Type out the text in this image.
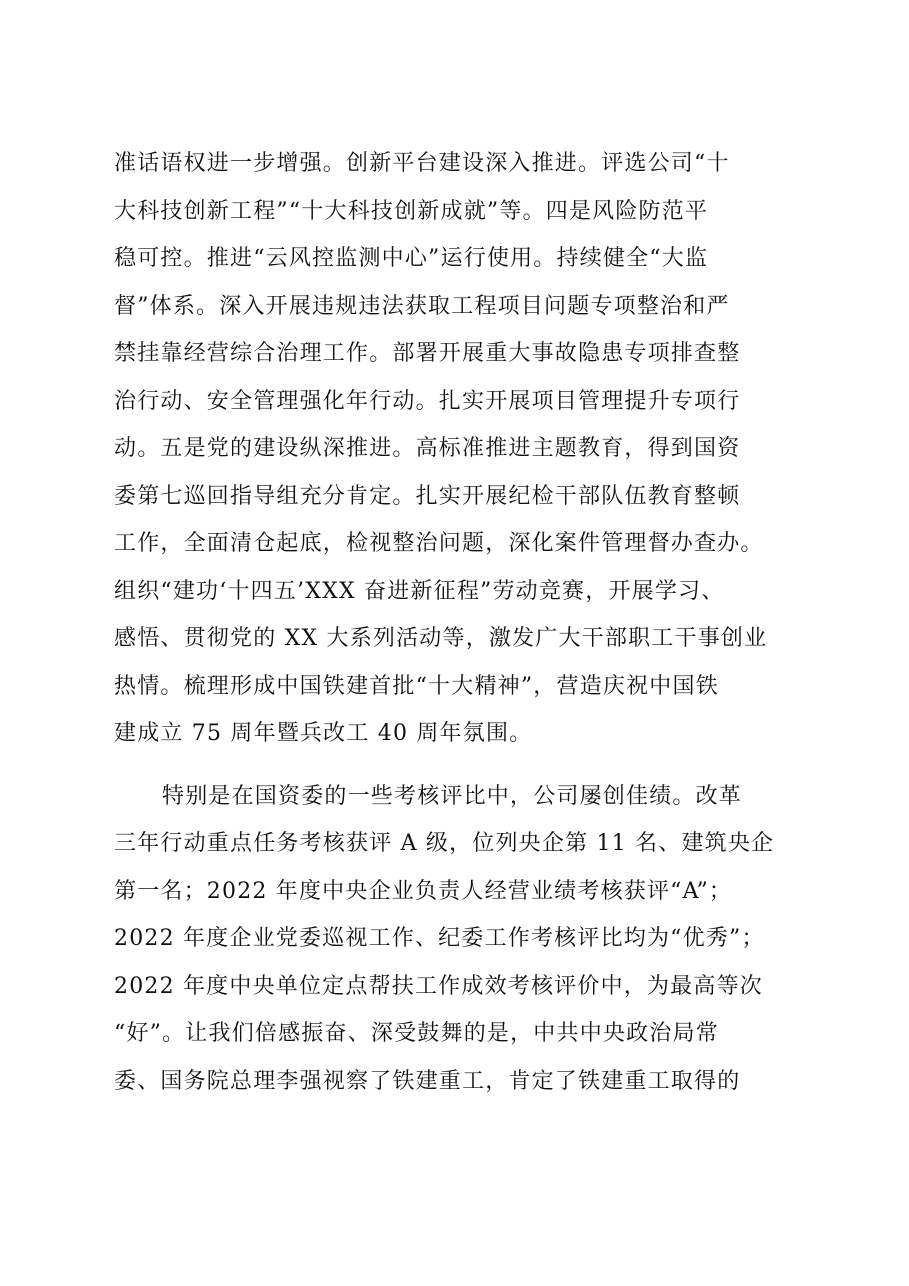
准话语权进一步增强。创新平台建设深入推进。评选公司“十
大科技创新工程”“十大科技创新成就”等。四是风险防范平
稳可控。推进“云风控监测中心”运行使用。持续健全“大监
督”体系。深入开展违规违法获取工程项目问题专项整治和严
禁挂靠经营综合治理工作。部署开展重大事故隐患专项排查整
治行动、安全管理强化年行动。扎实开展项目管理提升专项行
动。五是党的建设纵深推进。高标准推进主题教育，得到国资
委第七巡回指导组充分肯定。扎实开展纪检干部队伍教育整顿
工作，全面清仓起底，检视整治问题，深化案件管理督办查办。
组织“建功‘十四五’XXX 奋进新征程”劳动竞赛，开展学习、
感悟、贯彻党的 XX 大系列活动等，激发广大干部职工干事创业
热情。梳理形成中国铁建首批“十大精神”，营造庆祝中国铁
建成立 75 周年暨兵改工 40 周年氛围。
特别是在国资委的一些考核评比中，公司屡创佳绩。改革
三年行动重点任务考核获评 A 级，位列央企第 11 名、建筑央企
第一名；2022 年度中央企业负责人经营业绩考核获评“A”；
2022 年度企业党委巡视工作、纪委工作考核评比均为“优秀”；
2022 年度中央单位定点帮扶工作成效考核评价中，为最高等次
“好”。让我们倍感振奋、深受鼓舞的是，中共中央政治局常
委、国务院总理李强视察了铁建重工，肯定了铁建重工取得的
